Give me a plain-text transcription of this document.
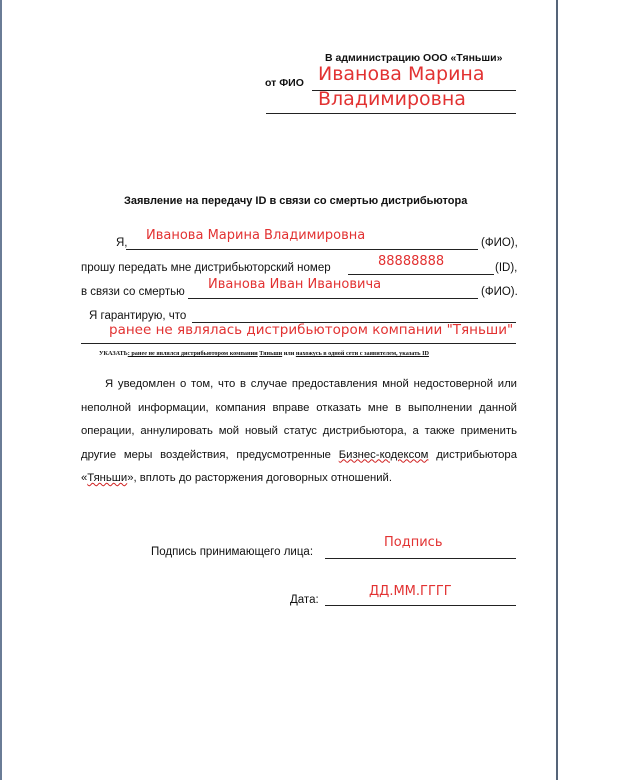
В администрацию ООО «Тяньши»
от ФИО Иванова Марина
Владимировна
Заявление на передачу ID в связи со смертью дистрибьютора
Я, Иванова Марина Владимировна	(ФИО),
прошу передать мне дистрибьюторский номер	88888888	(ID),
в связи со смертью Иванова Иван Ивановича	(ФИО).
Я гарантирую, что
ранее не являлась дистрибьютором компании "Тяньши"
УКАЗАТЬ: ранее не являлся дистрибьютором компании Тяньши или нахожусь в одной сети с заявителем, указать ID

Я уведомлен о том, что в случае предоставления мной недостоверной или неполной информации, компания вправе отказать мне в выполнении данной операции, аннулировать мой новый статус дистрибьютора, а также применить другие меры воздействия, предусмотренные Бизнес-кодексом дистрибьютора «Тяньши», вплоть до расторжения договорных отношений.

Подпись принимающего лица:
Подпись
Дата:
ДД.ММ.ГГГГ
